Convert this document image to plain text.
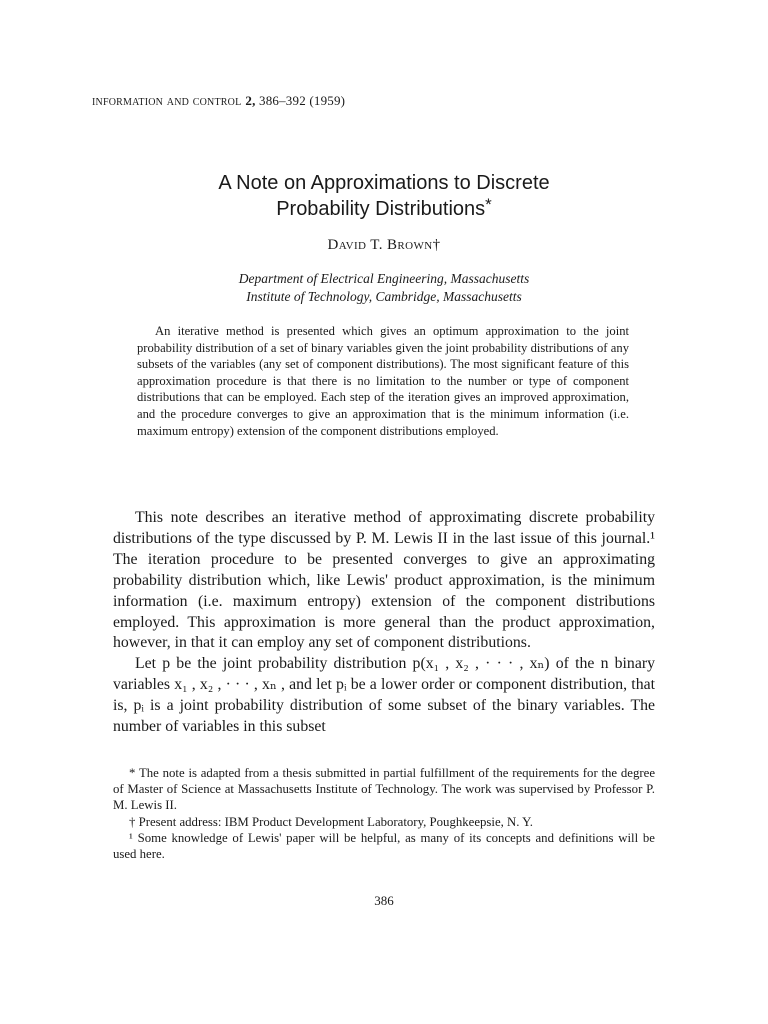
information and control 2, 386–392 (1959)
A Note on Approximations to Discrete
Probability Distributions*
David T. Brown†
Department of Electrical Engineering, Massachusetts
Institute of Technology, Cambridge, Massachusetts

An iterative method is presented which gives an optimum approximation to the joint probability distribution of a set of binary variables given the joint probability distributions of any subsets of the variables (any set of component distributions). The most significant feature of this approximation procedure is that there is no limitation to the number or type of component distributions that can be employed. Each step of the iteration gives an improved approximation, and the procedure converges to give an approximation that is the minimum information (i.e. maximum entropy) extension of the component distributions employed.

This note describes an iterative method of approximating discrete probability distributions of the type discussed by P. M. Lewis II in the last issue of this journal.¹ The iteration procedure to be presented converges to give an approximating probability distribution which, like Lewis' product approximation, is the minimum information (i.e. maximum entropy) extension of the component distributions employed. This approximation is more general than the product approximation, however, in that it can employ any set of component distributions.

Let p be the joint probability distribution p(x₁ , x₂ , · · · , xₙ) of the n binary variables x₁ , x₂ , · · · , xₙ , and let pᵢ be a lower order or component distribution, that is, pᵢ is a joint probability distribution of some subset of the binary variables. The number of variables in this subset

* The note is adapted from a thesis submitted in partial fulfillment of the requirements for the degree of Master of Science at Massachusetts Institute of Technology. The work was supervised by Professor P. M. Lewis II.

† Present address: IBM Product Development Laboratory, Poughkeepsie, N. Y.

¹ Some knowledge of Lewis' paper will be helpful, as many of its concepts and definitions will be used here.

386
